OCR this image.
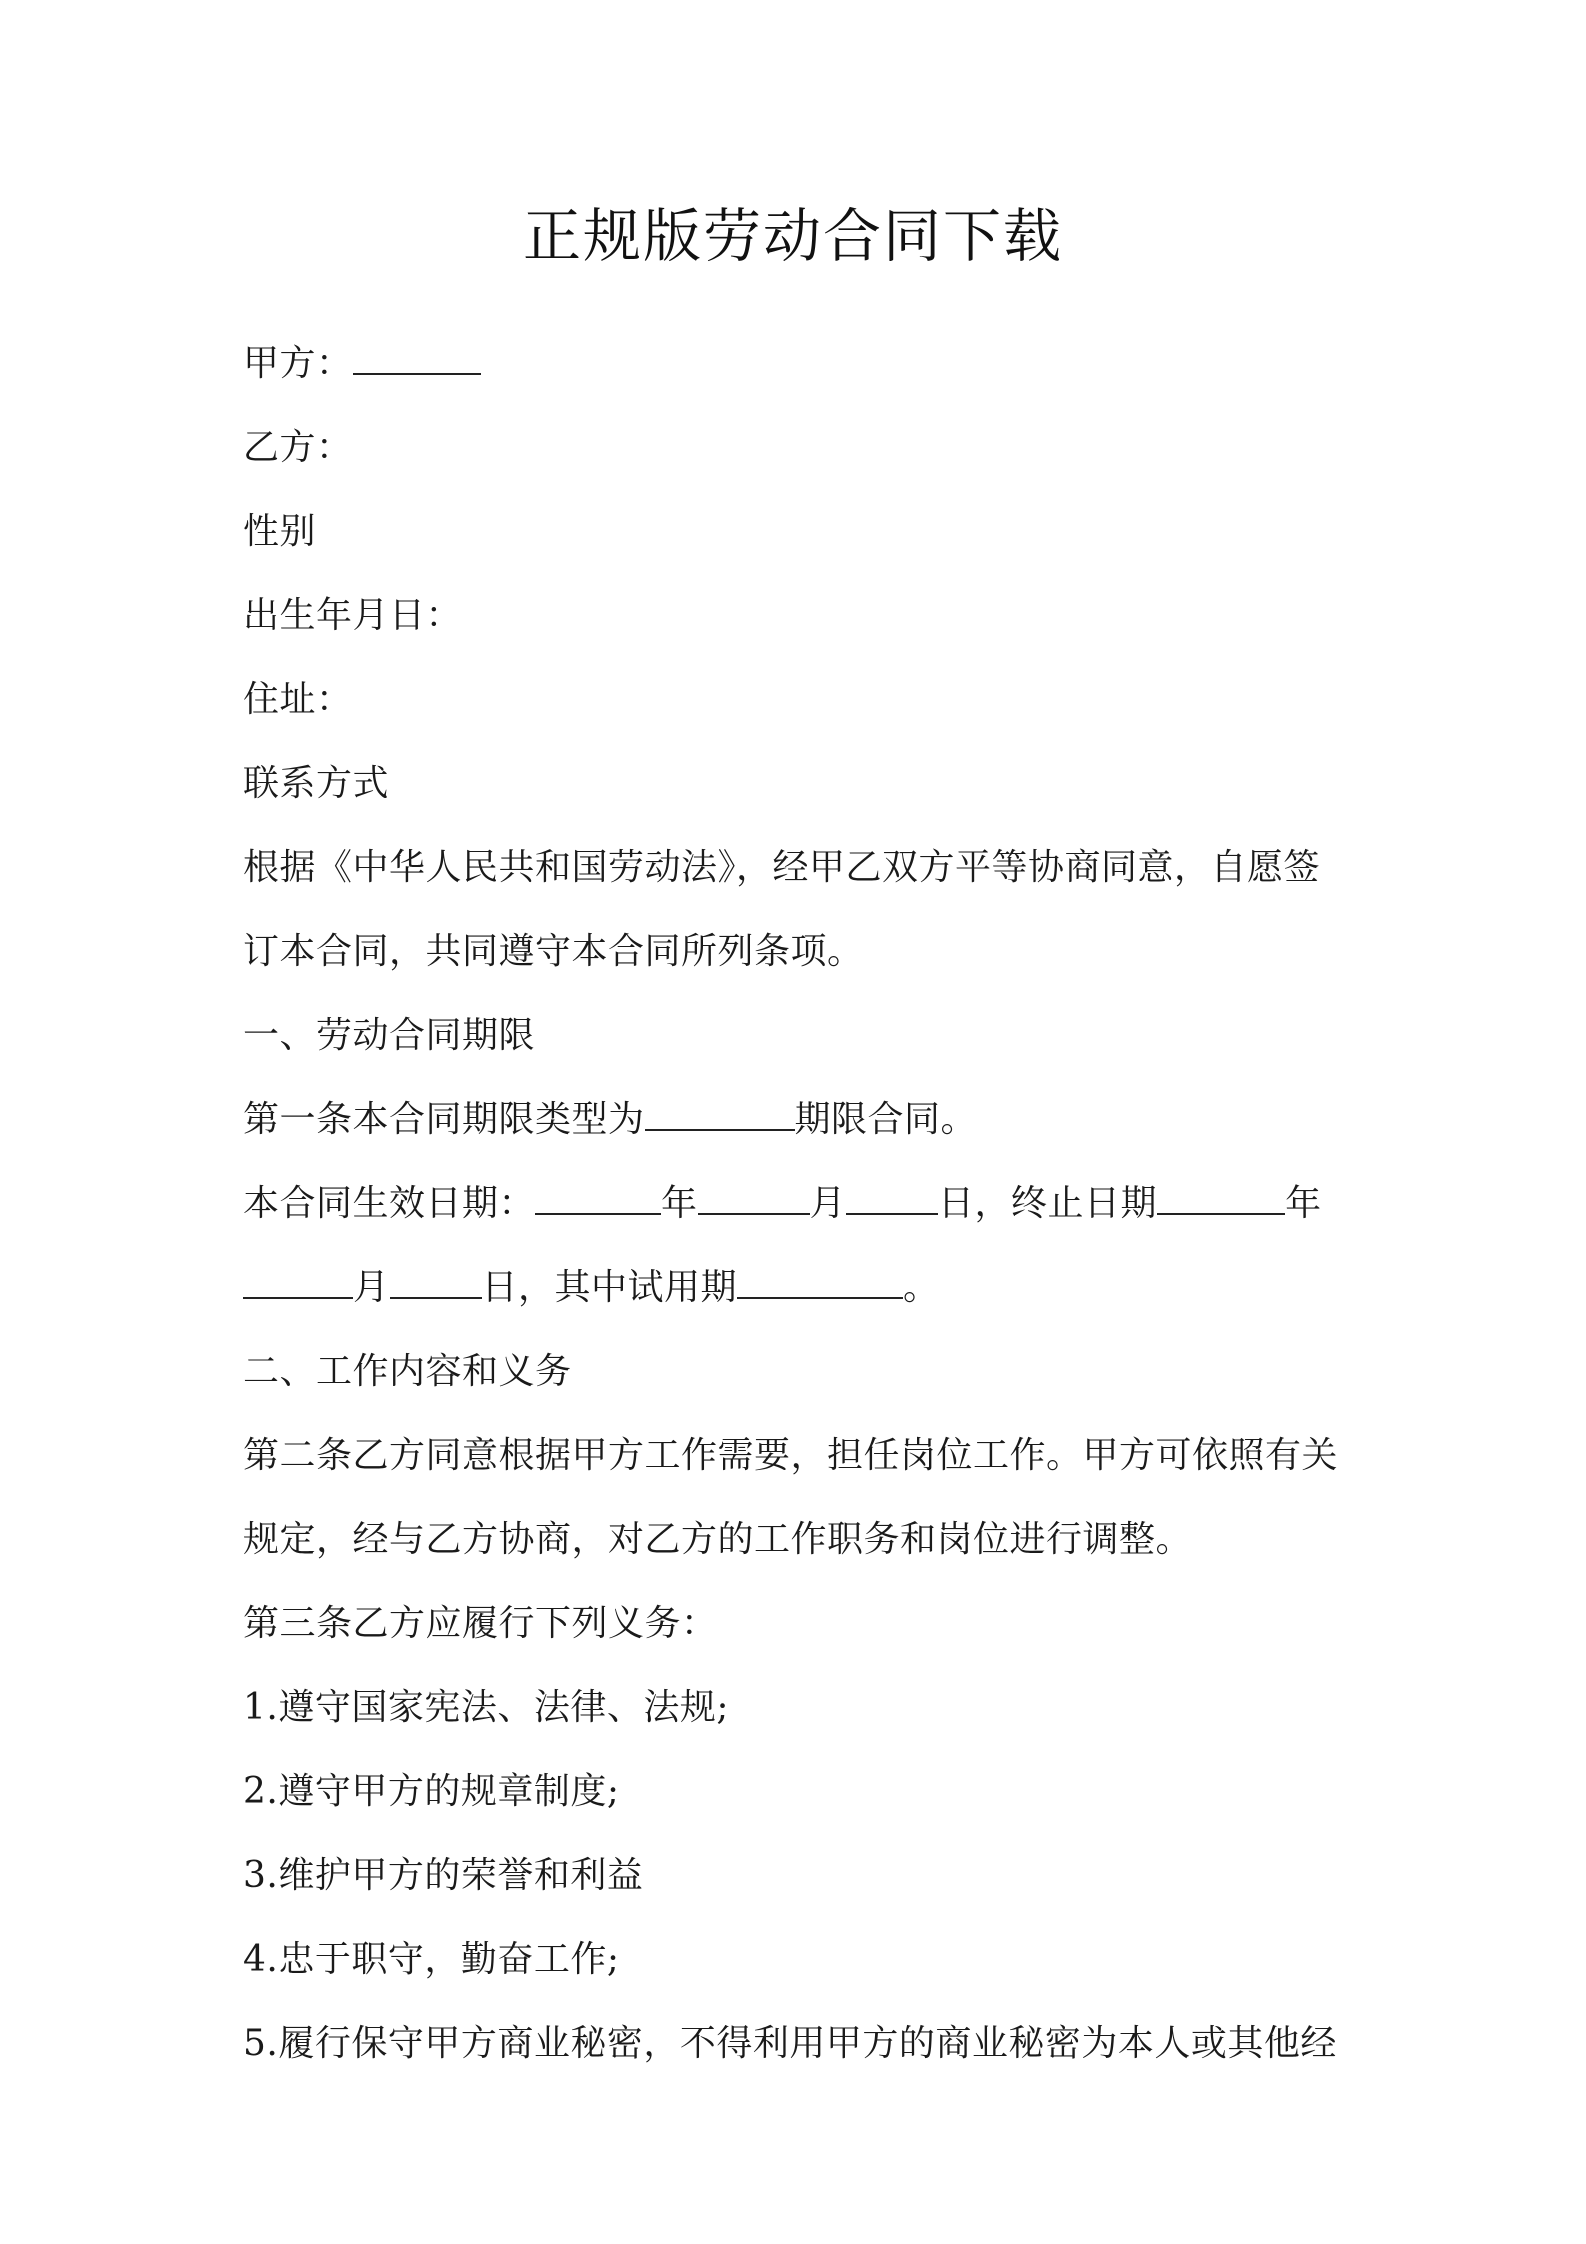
正规版劳动合同下载
甲方：
乙方：
性别
出生年月日：
住址：
联系方式
根据《中华人民共和国劳动法》，经甲乙双方平等协商同意，自愿签
订本合同，共同遵守本合同所列条项。
一、劳动合同期限
第一条本合同期限类型为	期限合同。
本合同生效日期：	年	月	日，终止日期	年
月	日，其中试用期	。
二、工作内容和义务
第二条乙方同意根据甲方工作需要，担任岗位工作。甲方可依照有关
规定，经与乙方协商，对乙方的工作职务和岗位进行调整。
第三条乙方应履行下列义务：
1.遵守国家宪法、法律、法规;
2.遵守甲方的规章制度;
3.维护甲方的荣誉和利益
4.忠于职守，勤奋工作;
5.履行保守甲方商业秘密，不得利用甲方的商业秘密为本人或其他经
